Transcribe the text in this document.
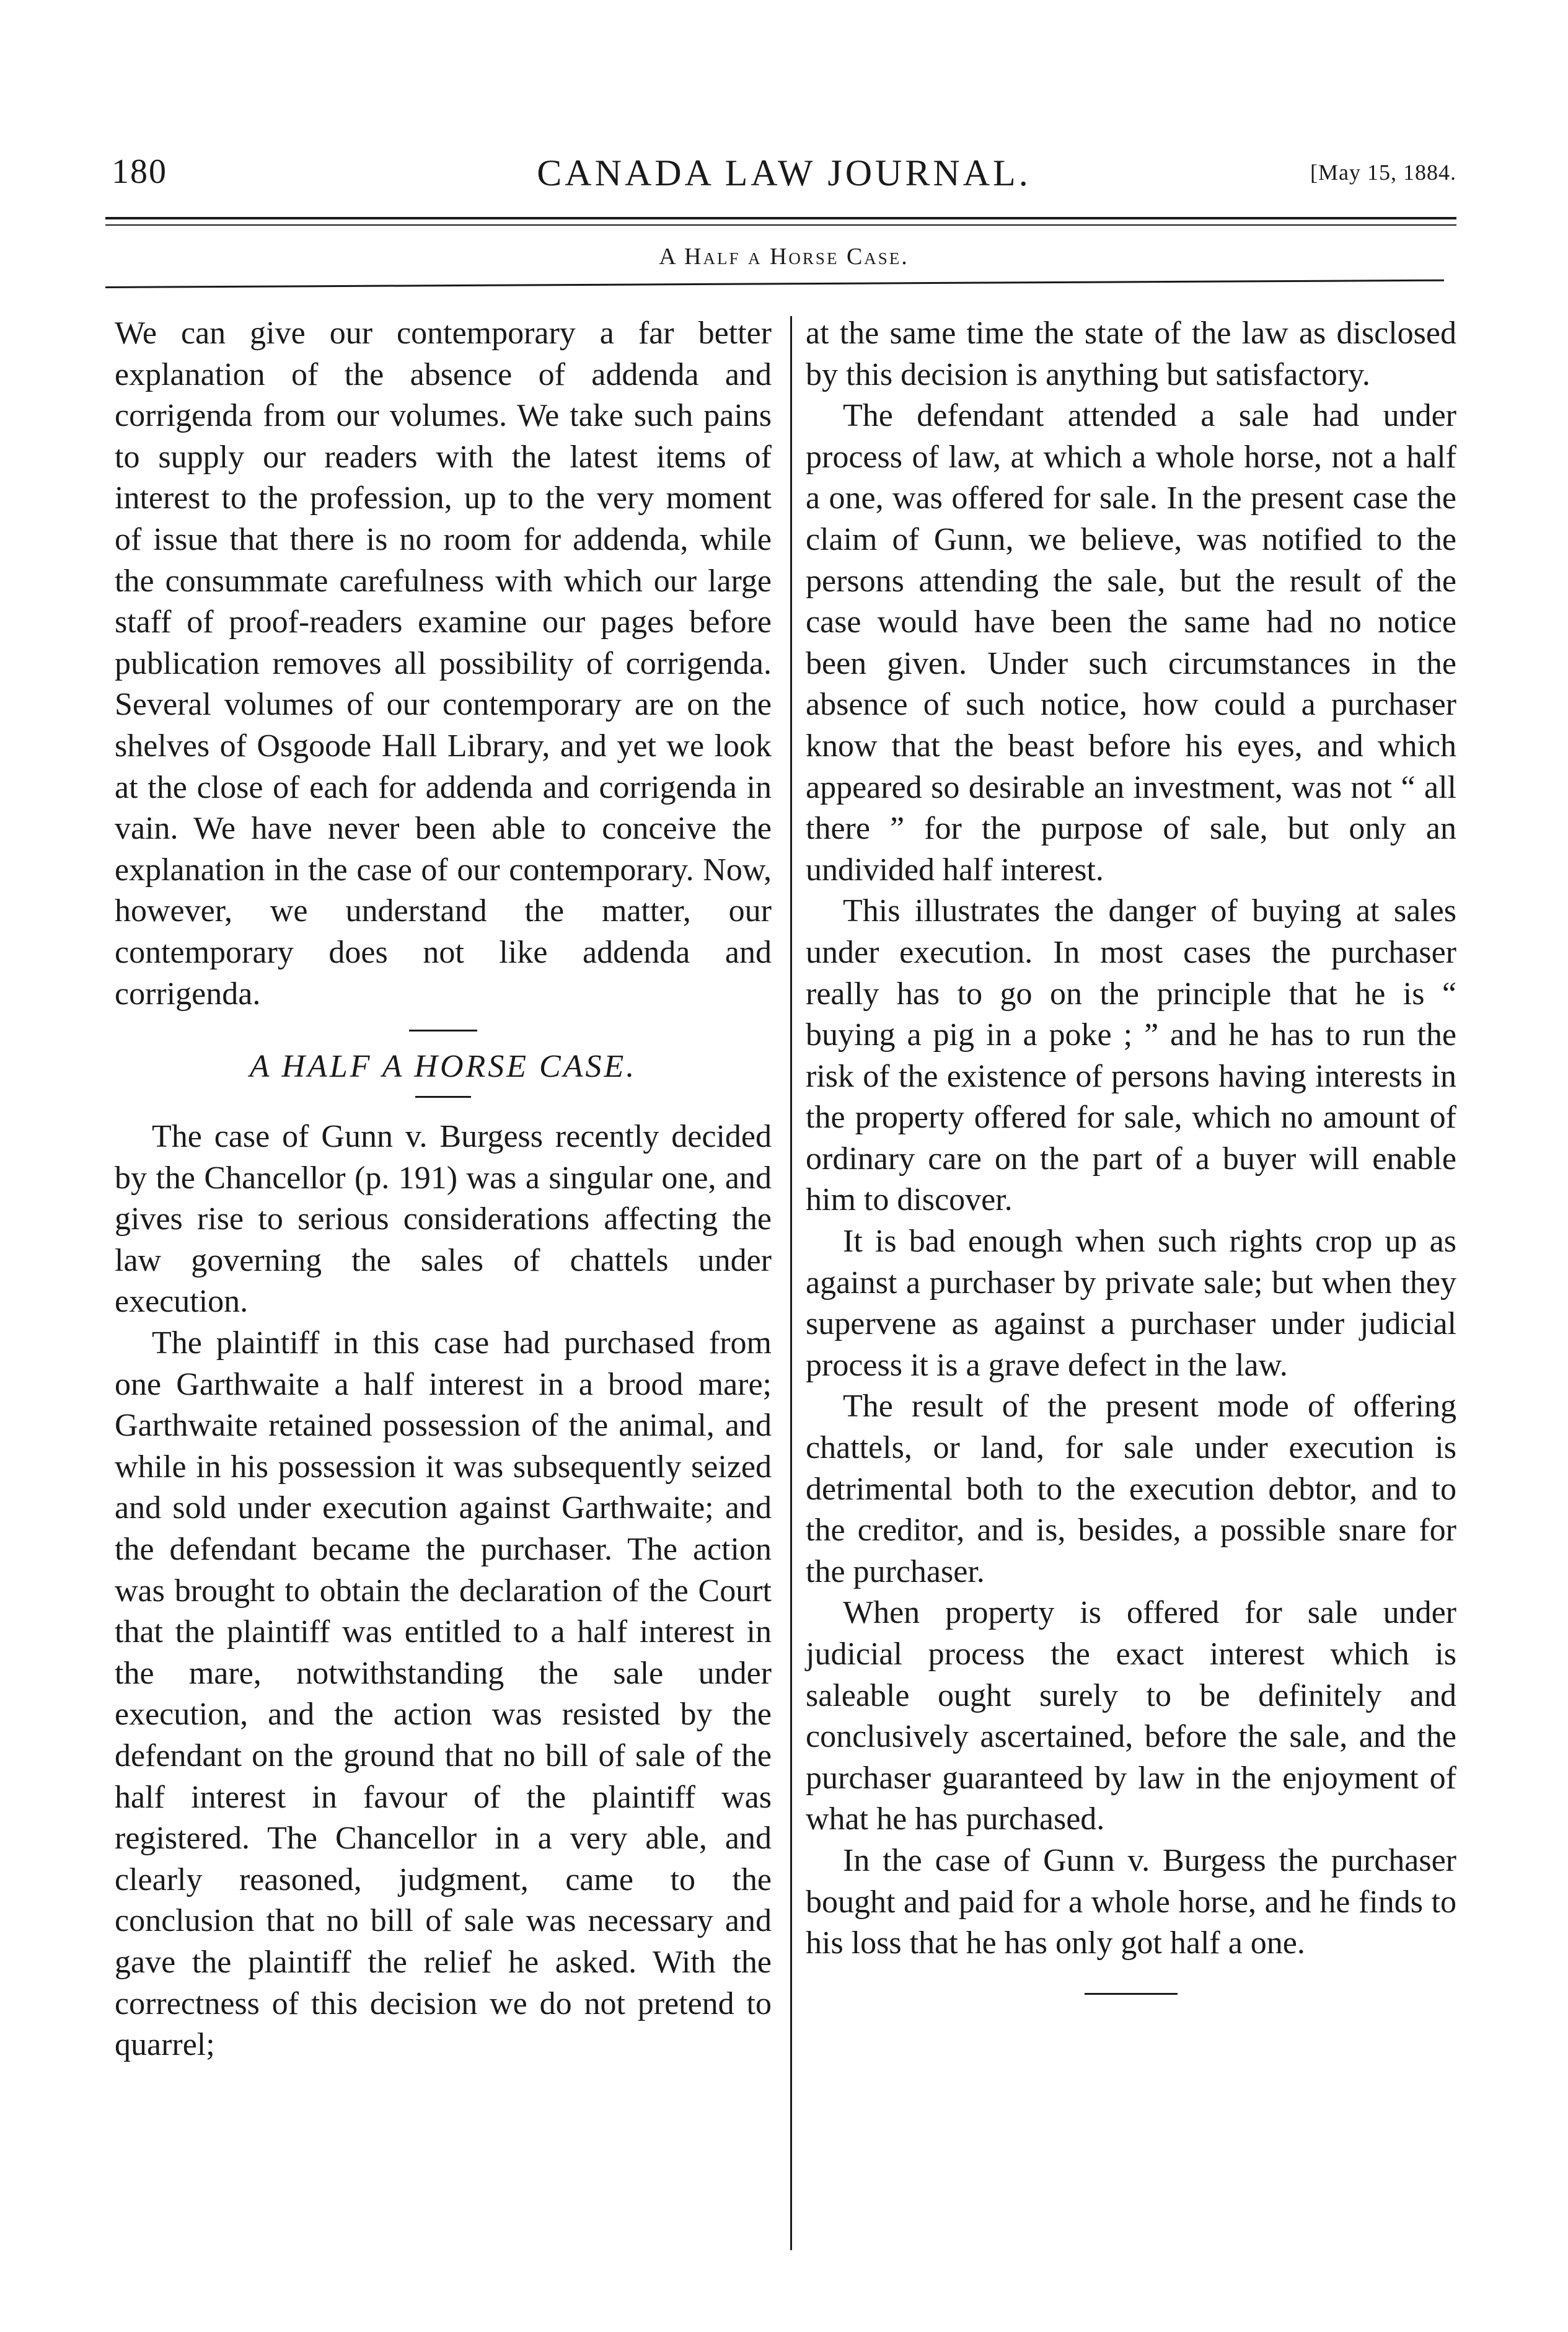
180	CANADA LAW JOURNAL.	[May 15, 1884.
A Half a Horse Case.

We can give our contemporary a far better explanation of the absence of addenda and corrigenda from our volumes. We take such pains to supply our readers with the latest items of interest to the profession, up to the very moment of issue that there is no room for addenda, while the consummate carefulness with which our large staff of proof-readers examine our pages before publication removes all possibility of corrigenda. Several volumes of our contemporary are on the shelves of Osgoode Hall Library, and yet we look at the close of each for addenda and corrigenda in vain. We have never been able to conceive the explanation in the case of our contemporary. Now, however, we understand the matter, our contemporary does not like addenda and corrigenda.

A HALF A HORSE CASE.

The case of Gunn v. Burgess recently decided by the Chancellor (p. 191) was a singular one, and gives rise to serious considerations affecting the law governing the sales of chattels under execution.

The plaintiff in this case had purchased from one Garthwaite a half interest in a brood mare; Garthwaite retained possession of the animal, and while in his possession it was subsequently seized and sold under execution against Garthwaite; and the defendant became the purchaser. The action was brought to obtain the declaration of the Court that the plaintiff was entitled to a half interest in the mare, notwithstanding the sale under execution, and the action was resisted by the defendant on the ground that no bill of sale of the half interest in favour of the plaintiff was registered. The Chancellor in a very able, and clearly reasoned, judgment, came to the conclusion that no bill of sale was necessary and gave the plaintiff the relief he asked. With the correctness of this decision we do not pretend to quarrel;

at the same time the state of the law as disclosed by this decision is anything but satisfactory.

The defendant attended a sale had under process of law, at which a whole horse, not a half a one, was offered for sale. In the present case the claim of Gunn, we believe, was notified to the persons attending the sale, but the result of the case would have been the same had no notice been given. Under such circumstances in the absence of such notice, how could a purchaser know that the beast before his eyes, and which appeared so desirable an investment, was not “ all there ” for the purpose of sale, but only an undivided half interest.

This illustrates the danger of buying at sales under execution. In most cases the purchaser really has to go on the principle that he is “ buying a pig in a poke ; ” and he has to run the risk of the existence of persons having interests in the property offered for sale, which no amount of ordinary care on the part of a buyer will enable him to discover.

It is bad enough when such rights crop up as against a purchaser by private sale; but when they supervene as against a purchaser under judicial process it is a grave defect in the law.

The result of the present mode of offering chattels, or land, for sale under execution is detrimental both to the execution debtor, and to the creditor, and is, besides, a possible snare for the purchaser.

When property is offered for sale under judicial process the exact interest which is saleable ought surely to be definitely and conclusively ascertained, before the sale, and the purchaser guaranteed by law in the enjoyment of what he has purchased.

In the case of Gunn v. Burgess the purchaser bought and paid for a whole horse, and he finds to his loss that he has only got half a one.
